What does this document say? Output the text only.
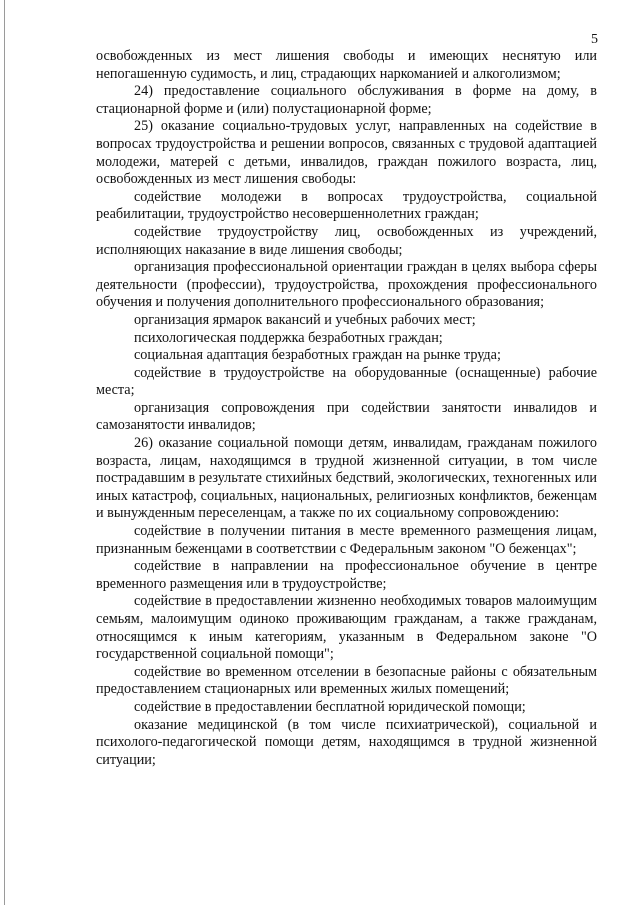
5

освобожденных из мест лишения свободы и имеющих неснятую или непогашенную судимость, и лиц, страдающих наркоманией и алкоголизмом;

24) предоставление социального обслуживания в форме на дому, в стационарной форме и (или) полустационарной форме;

25) оказание социально-трудовых услуг, направленных на содействие в вопросах трудоустройства и решении вопросов, связанных с трудовой адаптацией молодежи, матерей с детьми, инвалидов, граждан пожилого возраста, лиц, освобожденных из мест лишения свободы:

содействие молодежи в вопросах трудоустройства, социальной реабилитации, трудоустройство несовершеннолетних граждан;

содействие трудоустройству лиц, освобожденных из учреждений, исполняющих наказание в виде лишения свободы;

организация профессиональной ориентации граждан в целях выбора сферы деятельности (профессии), трудоустройства, прохождения профессионального обучения и получения дополнительного профессионального образования;

организация ярмарок вакансий и учебных рабочих мест;

психологическая поддержка безработных граждан;

социальная адаптация безработных граждан на рынке труда;

содействие в трудоустройстве на оборудованные (оснащенные) рабочие места;

организация сопровождения при содействии занятости инвалидов и самозанятости инвалидов;

26) оказание социальной помощи детям, инвалидам, гражданам пожилого возраста, лицам, находящимся в трудной жизненной ситуации, в том числе пострадавшим в результате стихийных бедствий, экологических, техногенных или иных катастроф, социальных, национальных, религиозных конфликтов, беженцам и вынужденным переселенцам, а также по их социальному сопровождению:

содействие в получении питания в месте временного размещения лицам, признанным беженцами в соответствии с Федеральным законом "О беженцах";

содействие в направлении на профессиональное обучение в центре временного размещения или в трудоустройстве;

содействие в предоставлении жизненно необходимых товаров малоимущим семьям, малоимущим одиноко проживающим гражданам, а также гражданам, относящимся к иным категориям, указанным в Федеральном законе "О государственной социальной помощи";

содействие во временном отселении в безопасные районы с обязательным предоставлением стационарных или временных жилых помещений;

содействие в предоставлении бесплатной юридической помощи;

оказание медицинской (в том числе психиатрической), социальной и психолого-педагогической помощи детям, находящимся в трудной жизненной ситуации;
